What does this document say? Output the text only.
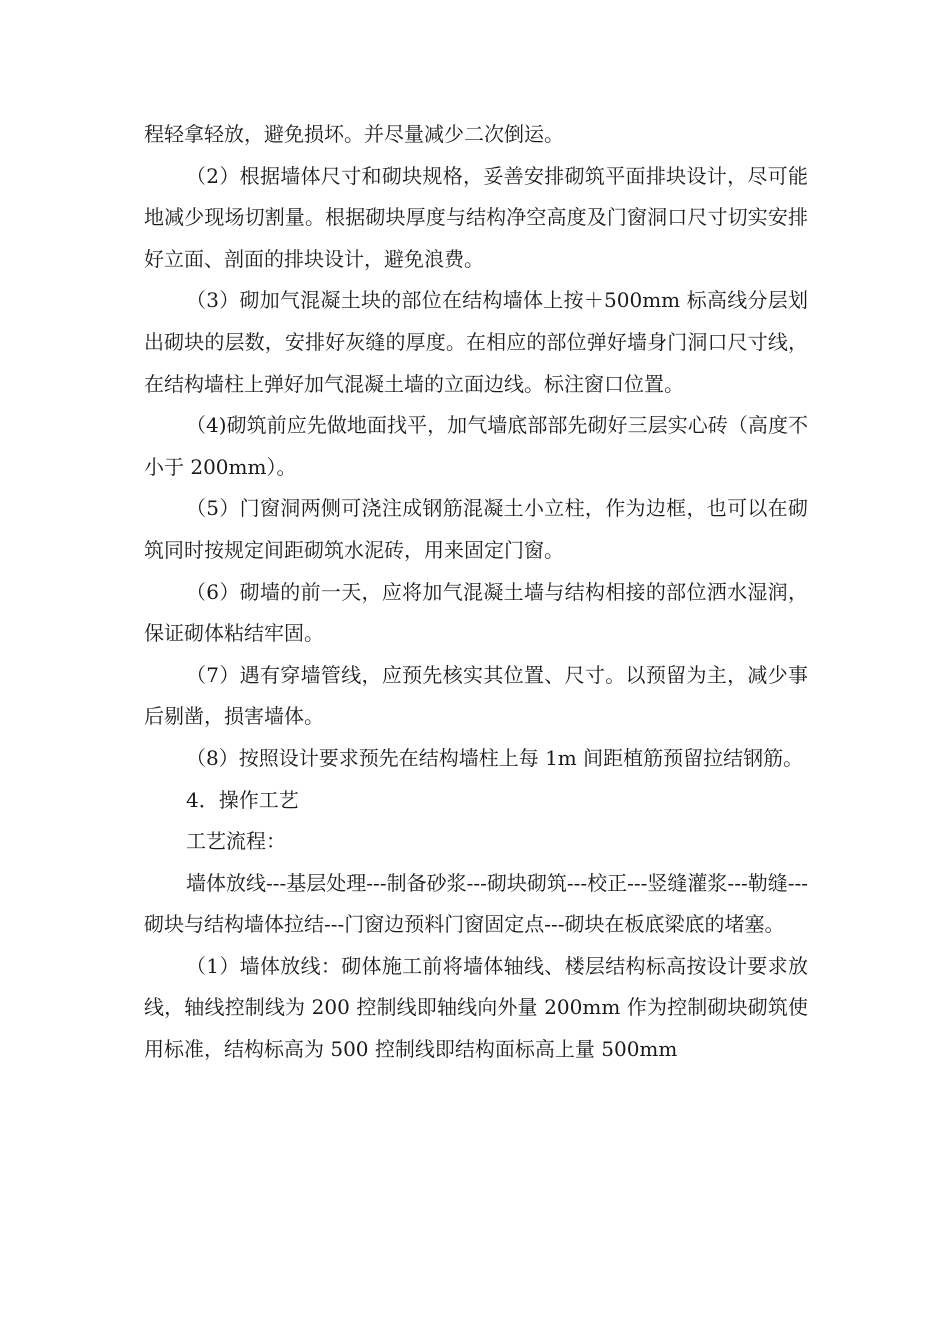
程轻拿轻放，避免损坏。并尽量减少二次倒运。

（2）根据墙体尺寸和砌块规格，妥善安排砌筑平面排块设计，尽可能地减少现场切割量。根据砌块厚度与结构净空高度及门窗洞口尺寸切实安排好立面、剖面的排块设计，避免浪费。

（3）砌加气混凝土块的部位在结构墙体上按＋500mm 标高线分层划出砌块的层数，安排好灰缝的厚度。在相应的部位弹好墙身门洞口尺寸线，在结构墙柱上弹好加气混凝土墙的立面边线。标注窗口位置。

（4)砌筑前应先做地面找平，加气墙底部部先砌好三层实心砖（高度不小于 200mm）。

（5）门窗洞两侧可浇注成钢筋混凝土小立柱，作为边框，也可以在砌筑同时按规定间距砌筑水泥砖，用来固定门窗。

（6）砌墙的前一天，应将加气混凝土墙与结构相接的部位洒水湿润，保证砌体粘结牢固。

（7）遇有穿墙管线，应预先核实其位置、尺寸。以预留为主，减少事后剔凿，损害墙体。

（8）按照设计要求预先在结构墙柱上每 1m 间距植筋预留拉结钢筋。

4．操作工艺

工艺流程：

墙体放线---基层处理---制备砂浆---砌块砌筑---校正---竖缝灌浆---勒缝---砌块与结构墙体拉结---门窗边预料门窗固定点---砌块在板底梁底的堵塞。

（1）墙体放线：砌体施工前将墙体轴线、楼层结构标高按设计要求放线，轴线控制线为 200 控制线即轴线向外量 200mm 作为控制砌块砌筑使用标准，结构标高为 500 控制线即结构面标高上量 500mm
